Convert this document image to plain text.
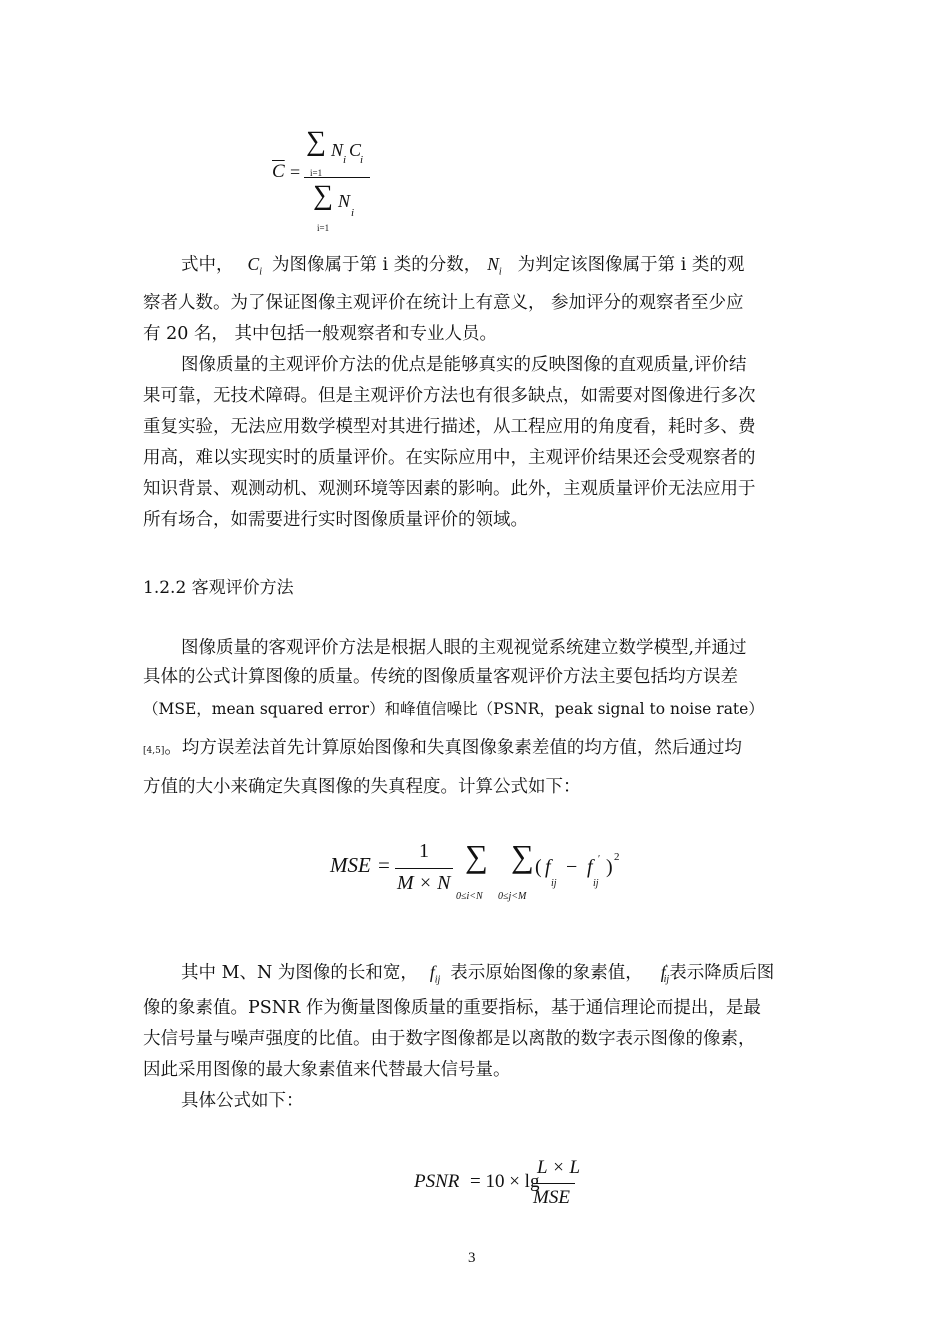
$\overline{C}$ =
∑ N i C
i
i=1
∑ N
i
i=1
式中， $C_i$ 为图像属于第 i 类的分数， $N_i$ 为判定该图像属于第 i 类的观
察者人数。为了保证图像主观评价在统计上有意义， 参加评分的观察者至少应
有 20 名， 其中包括一般观察者和专业人员。
图像质量的主观评价方法的优点是能够真实的反映图像的直观质量,评价结
果可靠，无技术障碍。但是主观评价方法也有很多缺点，如需要对图像进行多次
重复实验，无法应用数学模型对其进行描述，从工程应用的角度看，耗时多、费
用高，难以实现实时的质量评价。在实际应用中，主观评价结果还会受观察者的
知识背景、观测动机、观测环境等因素的影响。此外，主观质量评价无法应用于
所有场合，如需要进行实时图像质量评价的领域。
1.2.2 客观评价方法
图像质量的客观评价方法是根据人眼的主观视觉系统建立数学模型,并通过
具体的公式计算图像的质量。传统的图像质量客观评价方法主要包括均方误差
（MSE，mean squared error）和峰值信噪比（PSNR，peak signal to noise rate）
[4,5]。均方误差法首先计算原始图像和失真图像象素差值的均方值，然后通过均
方值的大小来确定失真图像的失真程度。计算公式如下：
MSE =
1
M × N
∑ ∑
0≤i<N 0≤j<M
( f
ij
− f ′
ij
) 2
其中 M、N 为图像的长和宽， $f_{ij}$ 表示原始图像的象素值， $f'_{ij}$表示降质后图
像的象素值。PSNR 作为衡量图像质量的重要指标，基于通信理论而提出，是最
大信号量与噪声强度的比值。由于数字图像都是以离散的数字表示图像的像素，
因此采用图像的最大象素值来代替最大信号量。
具体公式如下：
PSNR = 10 × lg
L × L
MSE
3
